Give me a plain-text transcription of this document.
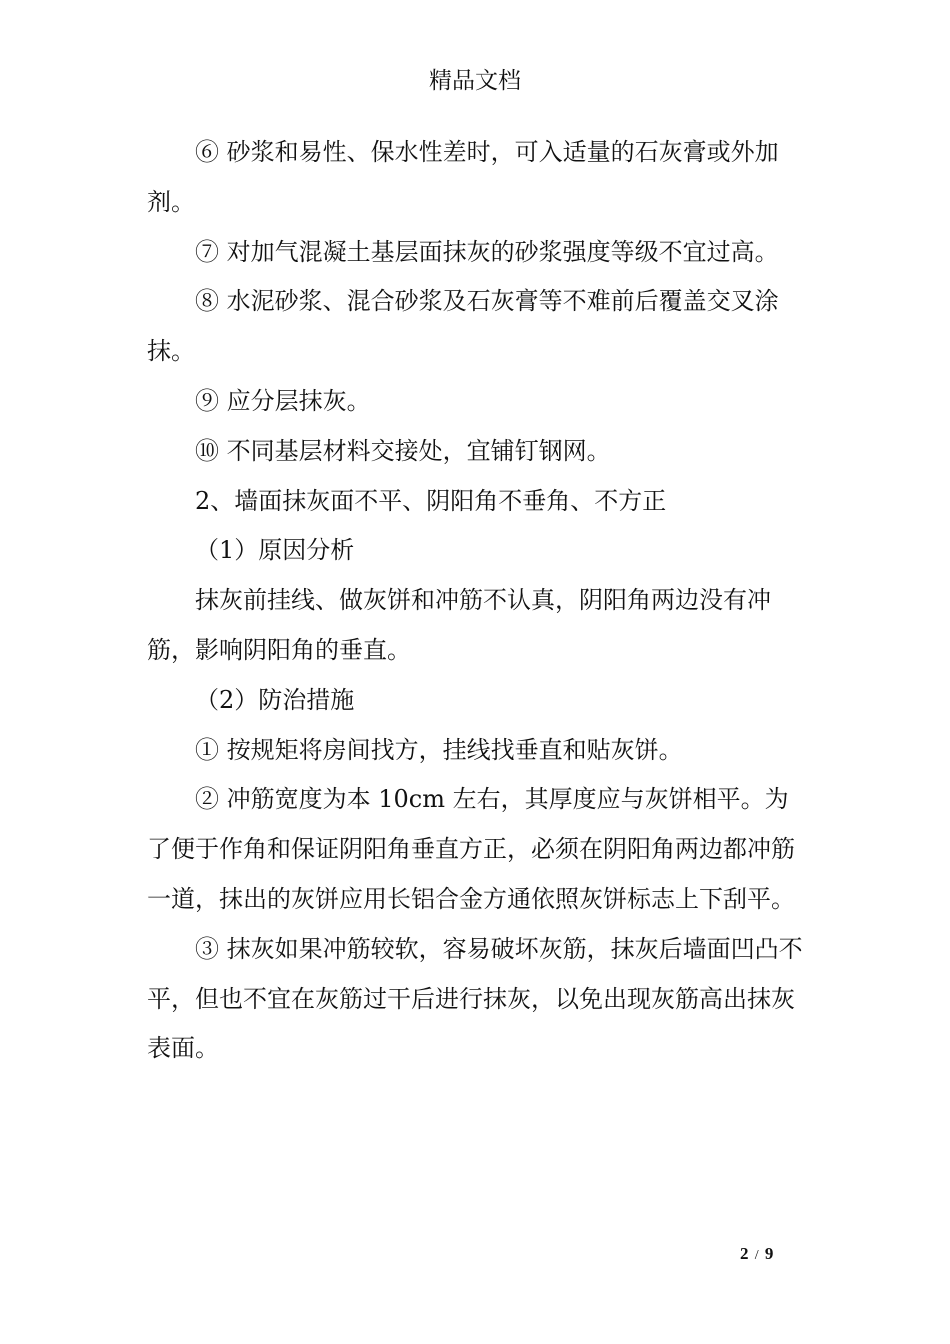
精品文档

⑥ 砂浆和易性、保水性差时，可入适量的石灰膏或外加剂。

⑦ 对加气混凝土基层面抹灰的砂浆强度等级不宜过高。

⑧ 水泥砂浆、混合砂浆及石灰膏等不难前后覆盖交叉涂抹。

⑨ 应分层抹灰。

⑩ 不同基层材料交接处，宜铺钉钢网。

2、墙面抹灰面不平、阴阳角不垂角、不方正

（1）原因分析

抹灰前挂线、做灰饼和冲筋不认真，阴阳角两边没有冲筋，影响阴阳角的垂直。

（2）防治措施

① 按规矩将房间找方，挂线找垂直和贴灰饼。

② 冲筋宽度为本 10cm 左右，其厚度应与灰饼相平。为了便于作角和保证阴阳角垂直方正，必须在阴阳角两边都冲筋一道，抹出的灰饼应用长铝合金方通依照灰饼标志上下刮平。

③ 抹灰如果冲筋较软，容易破坏灰筋，抹灰后墙面凹凸不平，但也不宜在灰筋过干后进行抹灰，以免出现灰筋高出抹灰表面。

2 / 9
